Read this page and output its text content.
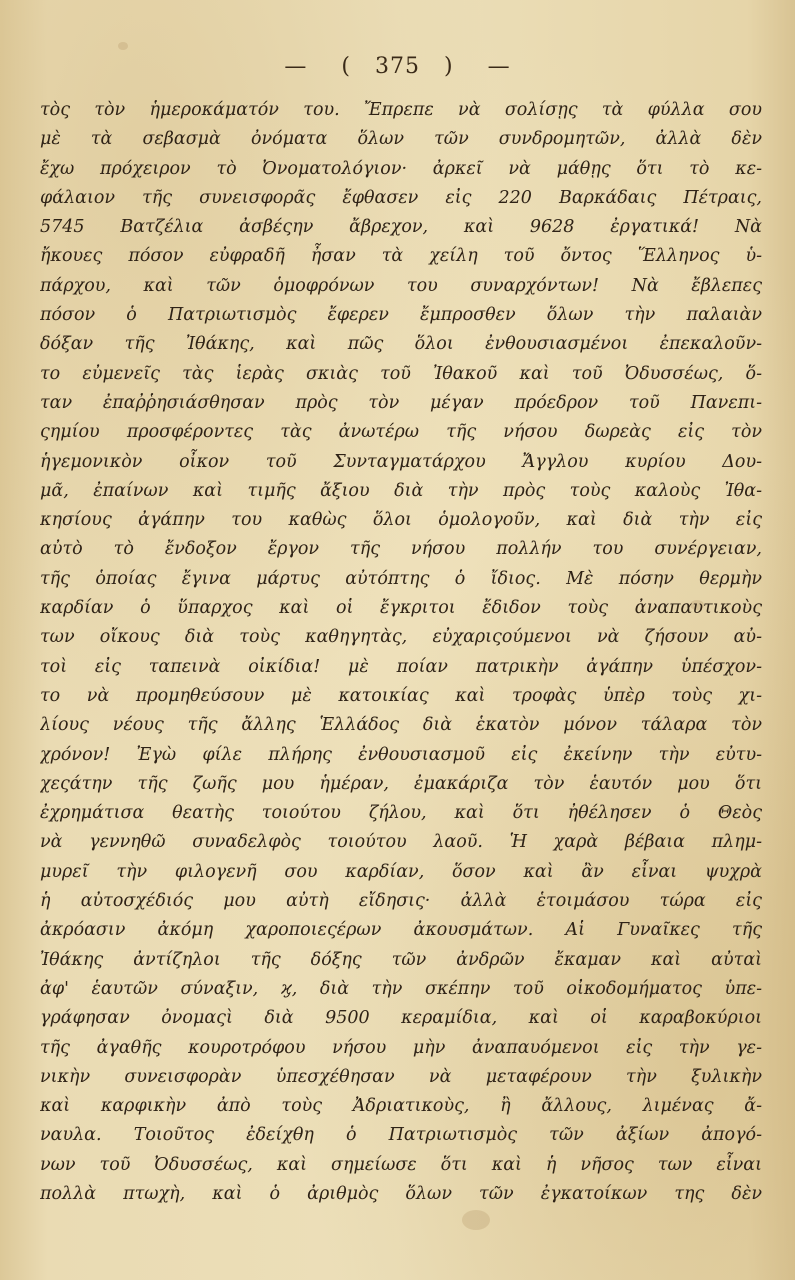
— ( 375 ) —
τὸς τὸν ἡμεροκάματόν του. Ἔπρεπε νὰ σολίσῃς τὰ φύλλα σου
μὲ τὰ σεβασμὰ ὀνόματα ὅλων τῶν συνδρομητῶν, ἀλλὰ δὲν
ἔχω πρόχειρον τὸ Ὀνοματολόγιον· ἀρκεῖ νὰ μάθῃς ὅτι τὸ κε-
φάλαιον τῆς συνεισφορᾶς ἔφθασεν εἰς 220 Βαρκάδαις Πέτραις,
5745 Βατζέλια ἀσβέςην ἄβρεχον, καὶ 9628 ἐργατικά! Νὰ
ἤκουες πόσον εὐφραδῆ ἦσαν τὰ χείλη τοῦ ὄντος Ἕλληνος ὑ-
πάρχου, καὶ τῶν ὁμοφρόνων του συναρχόντων! Νὰ ἔβλεπες
πόσον ὁ Πατριωτισμὸς ἔφερεν ἔμπροσθεν ὅλων τὴν παλαιὰν
δόξαν τῆς Ἰθάκης, καὶ πῶς ὅλοι ἐνθουσιασμένοι ἐπεκαλοῦν-
το εὐμενεῖς τὰς ἱερὰς σκιὰς τοῦ Ἰθακοῦ καὶ τοῦ Ὀδυσσέως, ὅ-
ταν ἐπαῤῥησιάσθησαν πρὸς τὸν μέγαν πρόεδρον τοῦ Πανεπι-
ςημίου προσφέροντες τὰς ἀνωτέρω τῆς νήσου δωρεὰς εἰς τὸν
ἡγεμονικὸν οἶκον τοῦ Συνταγματάρχου Ἄγγλου κυρίου Δου-
μᾶ, ἐπαίνων καὶ τιμῆς ἄξιου διὰ τὴν πρὸς τοὺς καλοὺς Ἰθα-
κησίους ἀγάπην του καθὼς ὅλοι ὁμολογοῦν, καὶ διὰ τὴν εἰς
αὐτὸ τὸ ἔνδοξον ἔργον τῆς νήσου πολλήν του συνέργειαν,
τῆς ὁποίας ἔγινα μάρτυς αὐτόπτης ὁ ἴδιος. Μὲ πόσην θερμὴν
καρδίαν ὁ ὕπαρχος καὶ οἱ ἔγκριτοι ἔδιδον τοὺς ἀναπαυτικοὺς
των οἴκους διὰ τοὺς καθηγητὰς, εὐχαριςούμενοι νὰ ζήσουν αὐ-
τοὶ εἰς ταπεινὰ οἰκίδια! μὲ ποίαν πατρικὴν ἀγάπην ὑπέσχον-
το νὰ προμηθεύσουν μὲ κατοικίας καὶ τροφὰς ὑπὲρ τοὺς χι-
λίους νέους τῆς ἄλλης Ἑλλάδος διὰ ἑκατὸν μόνον τάλαρα τὸν
χρόνον! Ἐγὼ φίλε πλήρης ἐνθουσιασμοῦ εἰς ἐκείνην τὴν εὐτυ-
χεςάτην τῆς ζωῆς μου ἡμέραν, ἐμακάριζα τὸν ἑαυτόν μου ὅτι
ἐχρημάτισα θεατὴς τοιούτου ζήλου, καὶ ὅτι ἠθέλησεν ὁ Θεὸς
νὰ γεννηθῶ συναδελφὸς τοιούτου λαοῦ. Ἡ χαρὰ βέβαια πλημ-
μυρεῖ τὴν φιλογενῆ σου καρδίαν, ὅσον καὶ ἂν εἶναι ψυχρὰ
ἡ αὐτοσχέδιός μου αὐτὴ εἴδησις· ἀλλὰ ἑτοιμάσου τώρα εἰς
ἀκρόασιν ἀκόμη χαροποιεςέρων ἀκουσμάτων. Αἱ Γυναῖκες τῆς
Ἰθάκης ἀντίζηλοι τῆς δόξης τῶν ἀνδρῶν ἔκαμαν καὶ αὐταὶ
ἀφ' ἑαυτῶν σύναξιν, ϗ, διὰ τὴν σκέπην τοῦ οἰκοδομήματος ὑπε-
γράφησαν ὀνομαςὶ διὰ 9500 κεραμίδια, καὶ οἱ καραβοκύριοι
τῆς ἀγαθῆς κουροτρόφου νήσου μὴν ἀναπαυόμενοι εἰς τὴν γε-
νικὴν συνεισφορὰν ὑπεσχέθησαν νὰ μεταφέρουν τὴν ξυλικὴν
καὶ καρφικὴν ἀπὸ τοὺς Ἀδριατικοὺς, ἢ ἄλλους, λιμένας ἄ-
ναυλα. Τοιοῦτος ἐδείχθη ὁ Πατριωτισμὸς τῶν ἀξίων ἀπογό-
νων τοῦ Ὀδυσσέως, καὶ σημείωσε ὅτι καὶ ἡ νῆσος των εἶναι
πολλὰ πτωχὴ, καὶ ὁ ἀριθμὸς ὅλων τῶν ἐγκατοίκων της δὲν
